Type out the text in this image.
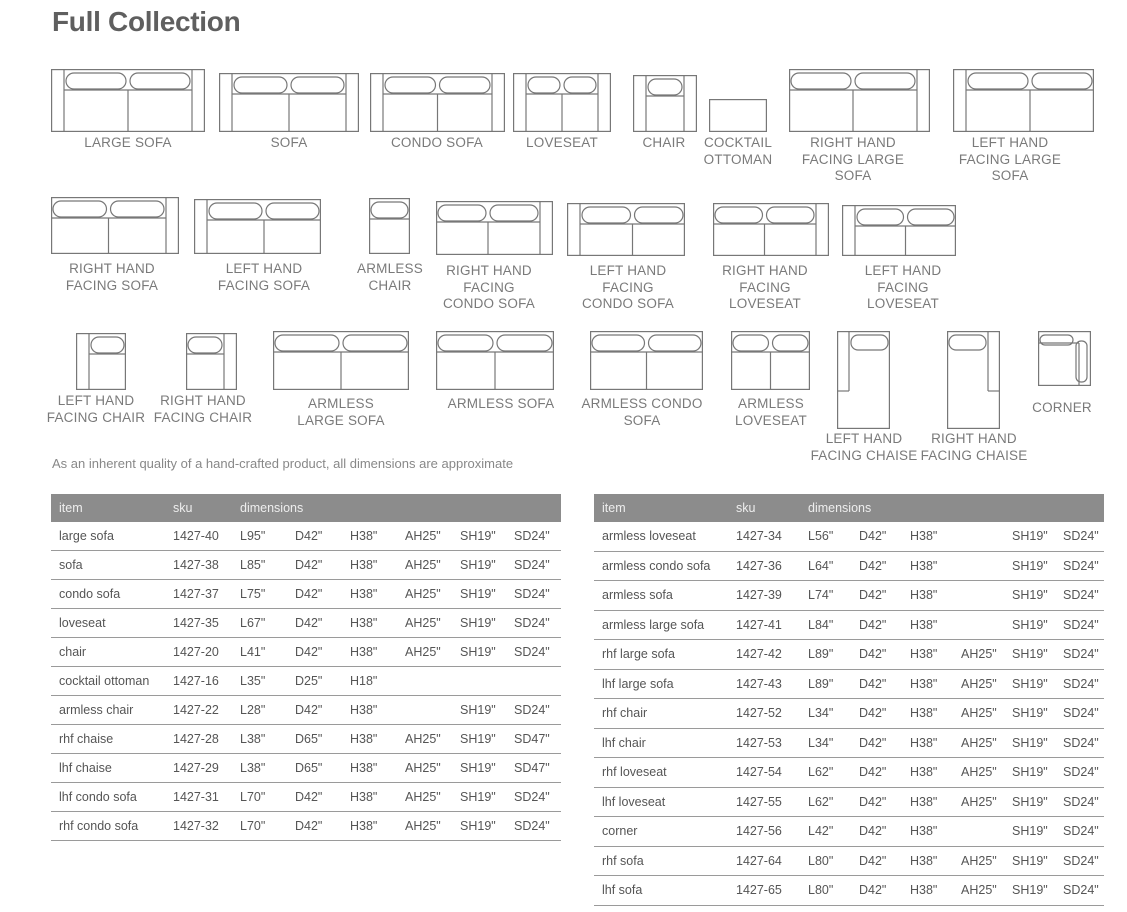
Full Collection
LARGE SOFA	SOFA	CONDO SOFA	LOVESEAT	CHAIR	COCKTAIL
OTTOMAN
RIGHT HAND
FACING LARGE
SOFA
LEFT HAND
FACING LARGE
SOFA
RIGHT HAND
FACING SOFA
LEFT HAND
FACING SOFA
ARMLESS
CHAIR
RIGHT HAND
FACING
CONDO SOFA
LEFT HAND
FACING
CONDO SOFA
RIGHT HAND
FACING
LOVESEAT
LEFT HAND
FACING
LOVESEAT
LEFT HAND
FACING CHAIR
RIGHT HAND
FACING CHAIR
ARMLESS
LARGE SOFA
ARMLESS SOFA	ARMLESS CONDO
SOFA
ARMLESS
LOVESEAT
LEFT HAND
FACING CHAISE
RIGHT HAND
FACING CHAISE
CORNER
As an inherent quality of a hand-crafted product, all dimensions are approximate
item	sku	dimensions					
large sofa	1427-40	L95"	D42"	H38"	AH25"	SH19"	SD24"
sofa	1427-38	L85"	D42"	H38"	AH25"	SH19"	SD24"
condo sofa	1427-37	L75"	D42"	H38"	AH25"	SH19"	SD24"
loveseat	1427-35	L67"	D42"	H38"	AH25"	SH19"	SD24"
chair	1427-20	L41"	D42"	H38"	AH25"	SH19"	SD24"
cocktail ottoman	1427-16	L35"	D25"	H18"			
armless chair	1427-22	L28"	D42"	H38"		SH19"	SD24"
rhf chaise	1427-28	L38"	D65"	H38"	AH25"	SH19"	SD47"
lhf chaise	1427-29	L38"	D65"	H38"	AH25"	SH19"	SD47"
lhf condo sofa	1427-31	L70"	D42"	H38"	AH25"	SH19"	SD24"
rhf condo sofa	1427-32	L70"	D42"	H38"	AH25"	SH19"	SD24"
item	sku	dimensions					
armless loveseat	1427-34	L56"	D42"	H38"		SH19"	SD24"
armless condo sofa	1427-36	L64"	D42"	H38"		SH19"	SD24"
armless sofa	1427-39	L74"	D42"	H38"		SH19"	SD24"
armless large sofa	1427-41	L84"	D42"	H38"		SH19"	SD24"
rhf large sofa	1427-42	L89"	D42"	H38"	AH25"	SH19"	SD24"
lhf large sofa	1427-43	L89"	D42"	H38"	AH25"	SH19"	SD24"
rhf chair	1427-52	L34"	D42"	H38"	AH25"	SH19"	SD24"
lhf chair	1427-53	L34"	D42"	H38"	AH25"	SH19"	SD24"
rhf loveseat	1427-54	L62"	D42"	H38"	AH25"	SH19"	SD24"
lhf loveseat	1427-55	L62"	D42"	H38"	AH25"	SH19"	SD24"
corner	1427-56	L42"	D42"	H38"		SH19"	SD24"
rhf sofa	1427-64	L80"	D42"	H38"	AH25"	SH19"	SD24"
lhf sofa	1427-65	L80"	D42"	H38"	AH25"	SH19"	SD24"
